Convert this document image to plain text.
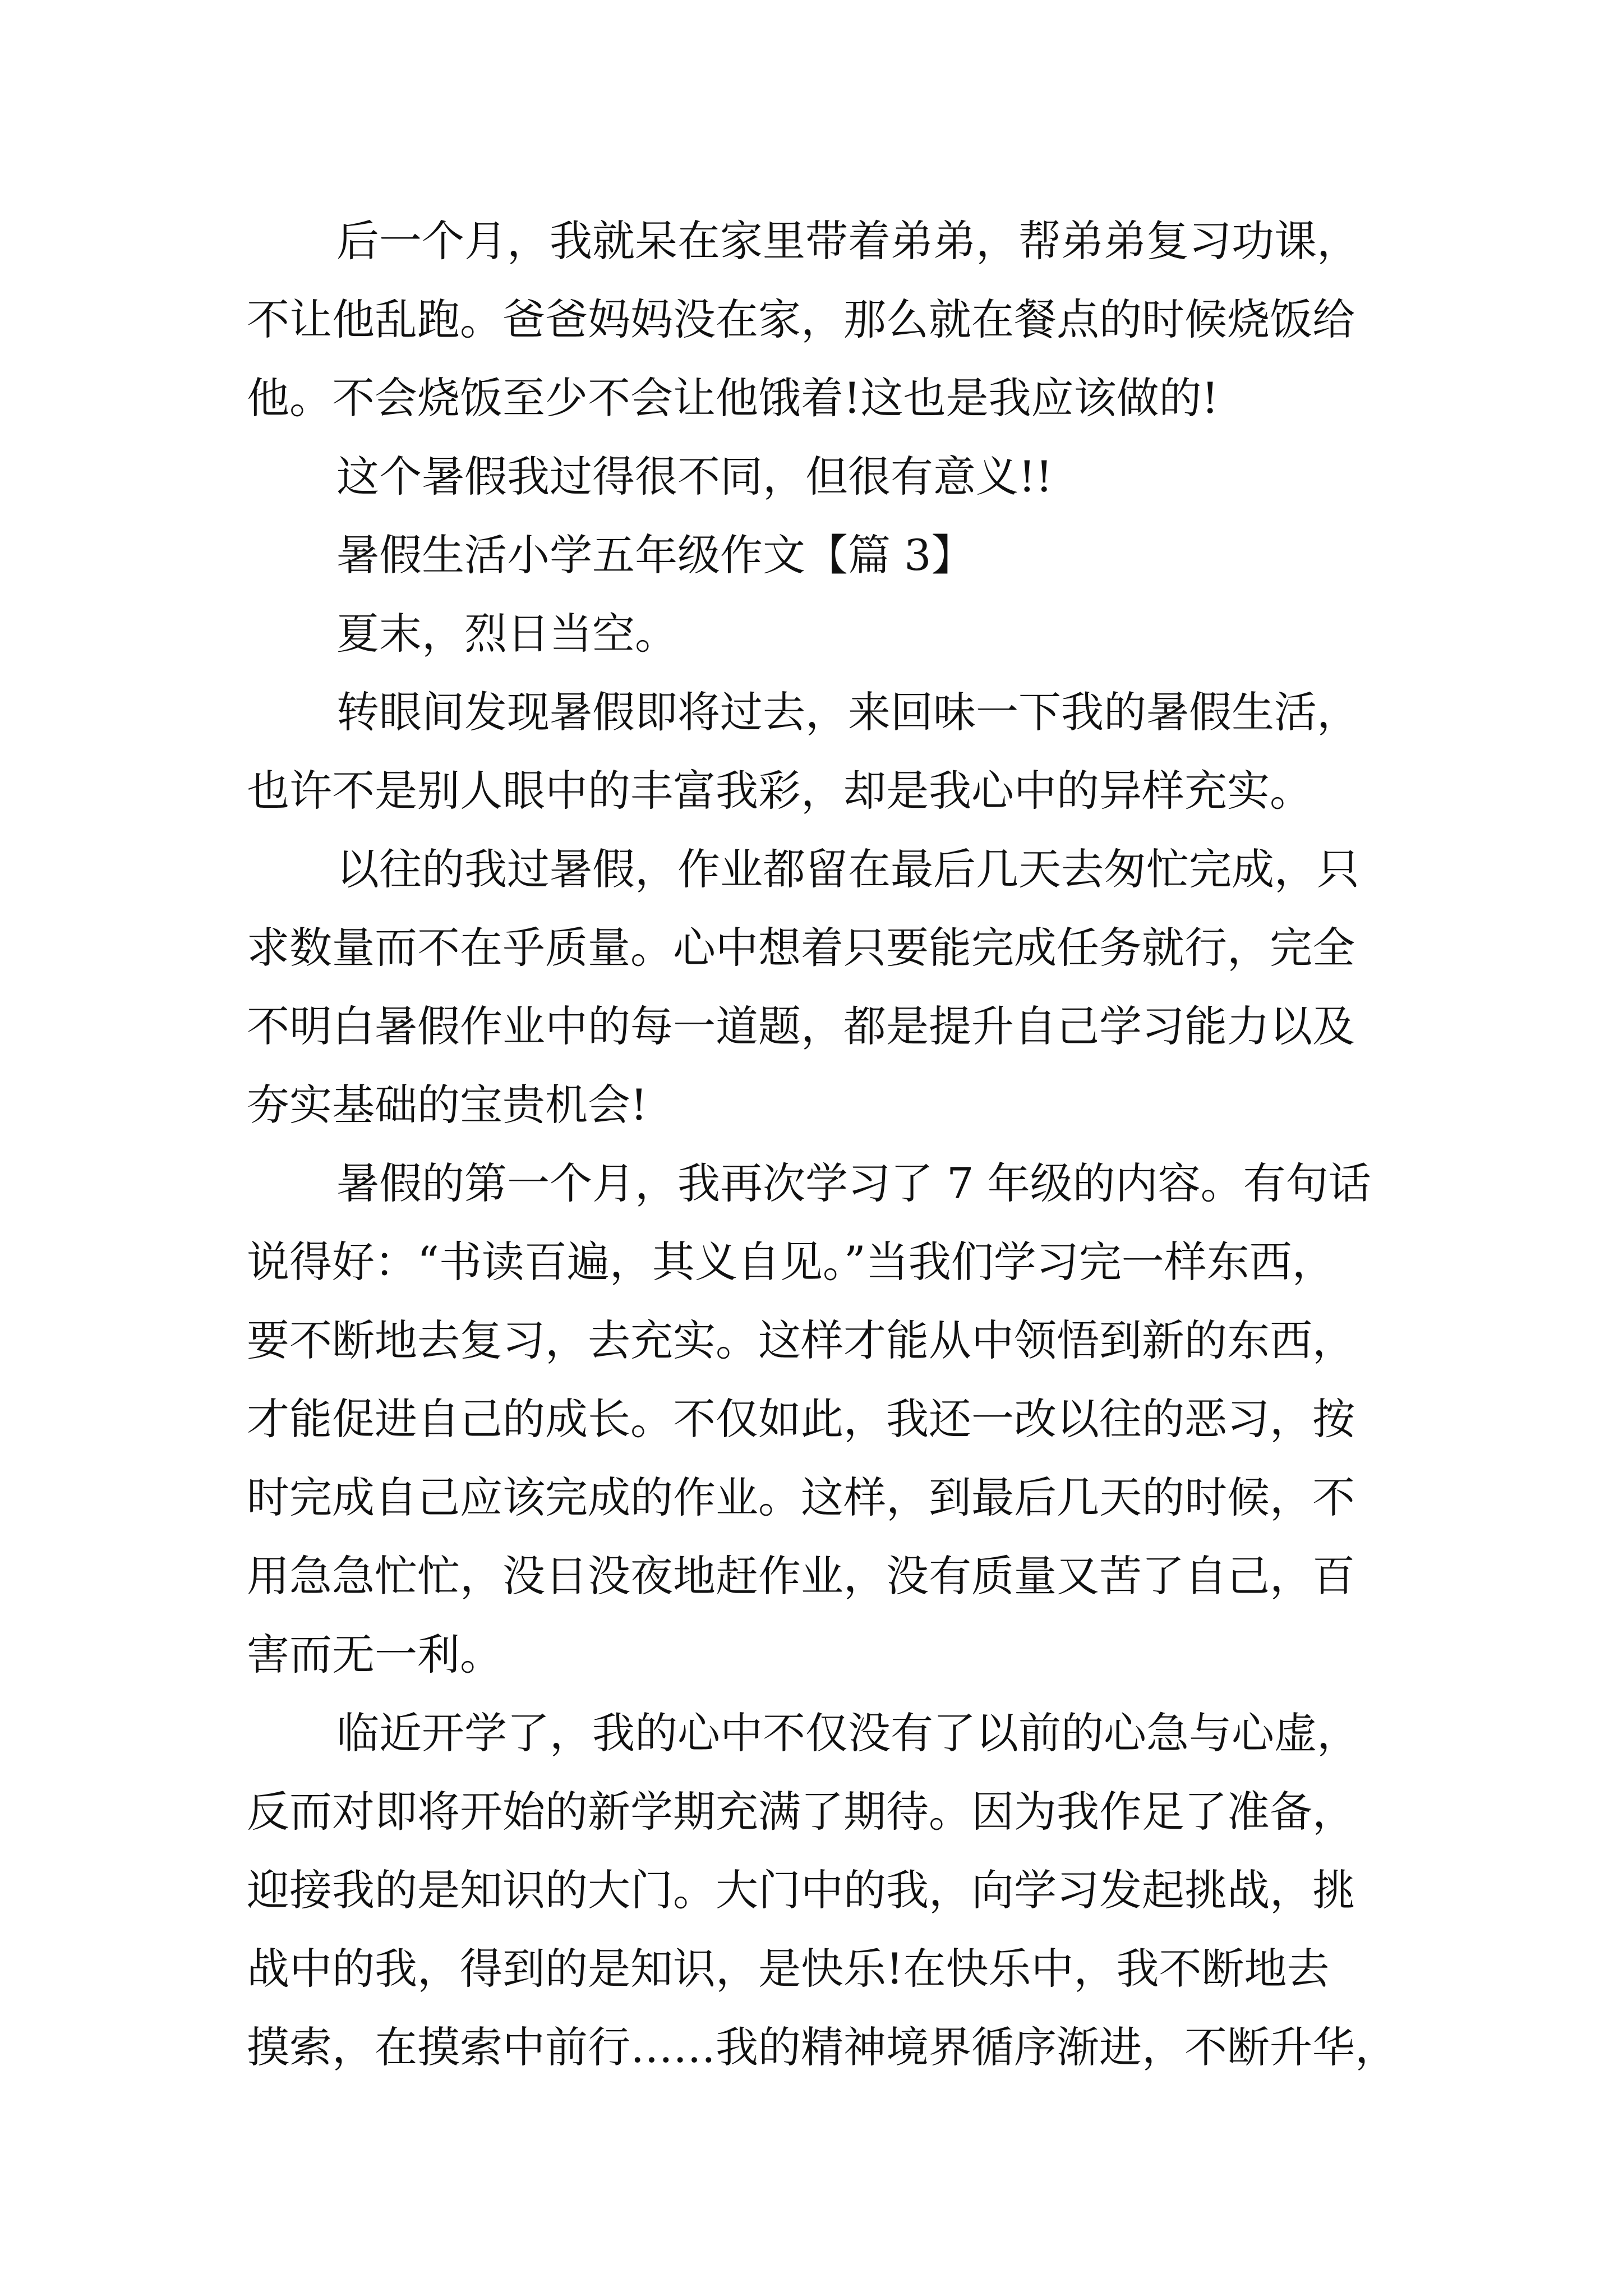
后一个月，我就呆在家里带着弟弟，帮弟弟复习功课，
不让他乱跑。爸爸妈妈没在家，那么就在餐点的时候烧饭给
他。不会烧饭至少不会让他饿着!这也是我应该做的!
这个暑假我过得很不同，但很有意义!!
暑假生活小学五年级作文【篇 3】
夏末，烈日当空。
转眼间发现暑假即将过去，来回味一下我的暑假生活，
也许不是别人眼中的丰富我彩，却是我心中的异样充实。
以往的我过暑假，作业都留在最后几天去匆忙完成，只
求数量而不在乎质量。心中想着只要能完成任务就行，完全
不明白暑假作业中的每一道题，都是提升自己学习能力以及
夯实基础的宝贵机会!
暑假的第一个月，我再次学习了 7 年级的内容。有句话
说得好：“书读百遍，其义自见。”当我们学习完一样东西，
要不断地去复习，去充实。这样才能从中领悟到新的东西，
才能促进自己的成长。不仅如此，我还一改以往的恶习，按
时完成自己应该完成的作业。这样，到最后几天的时候，不
用急急忙忙，没日没夜地赶作业，没有质量又苦了自己，百
害而无一利。
临近开学了，我的心中不仅没有了以前的心急与心虚，
反而对即将开始的新学期充满了期待。因为我作足了准备，
迎接我的是知识的大门。大门中的我，向学习发起挑战，挑
战中的我，得到的是知识，是快乐!在快乐中，我不断地去
摸索，在摸索中前行……我的精神境界循序渐进，不断升华，
